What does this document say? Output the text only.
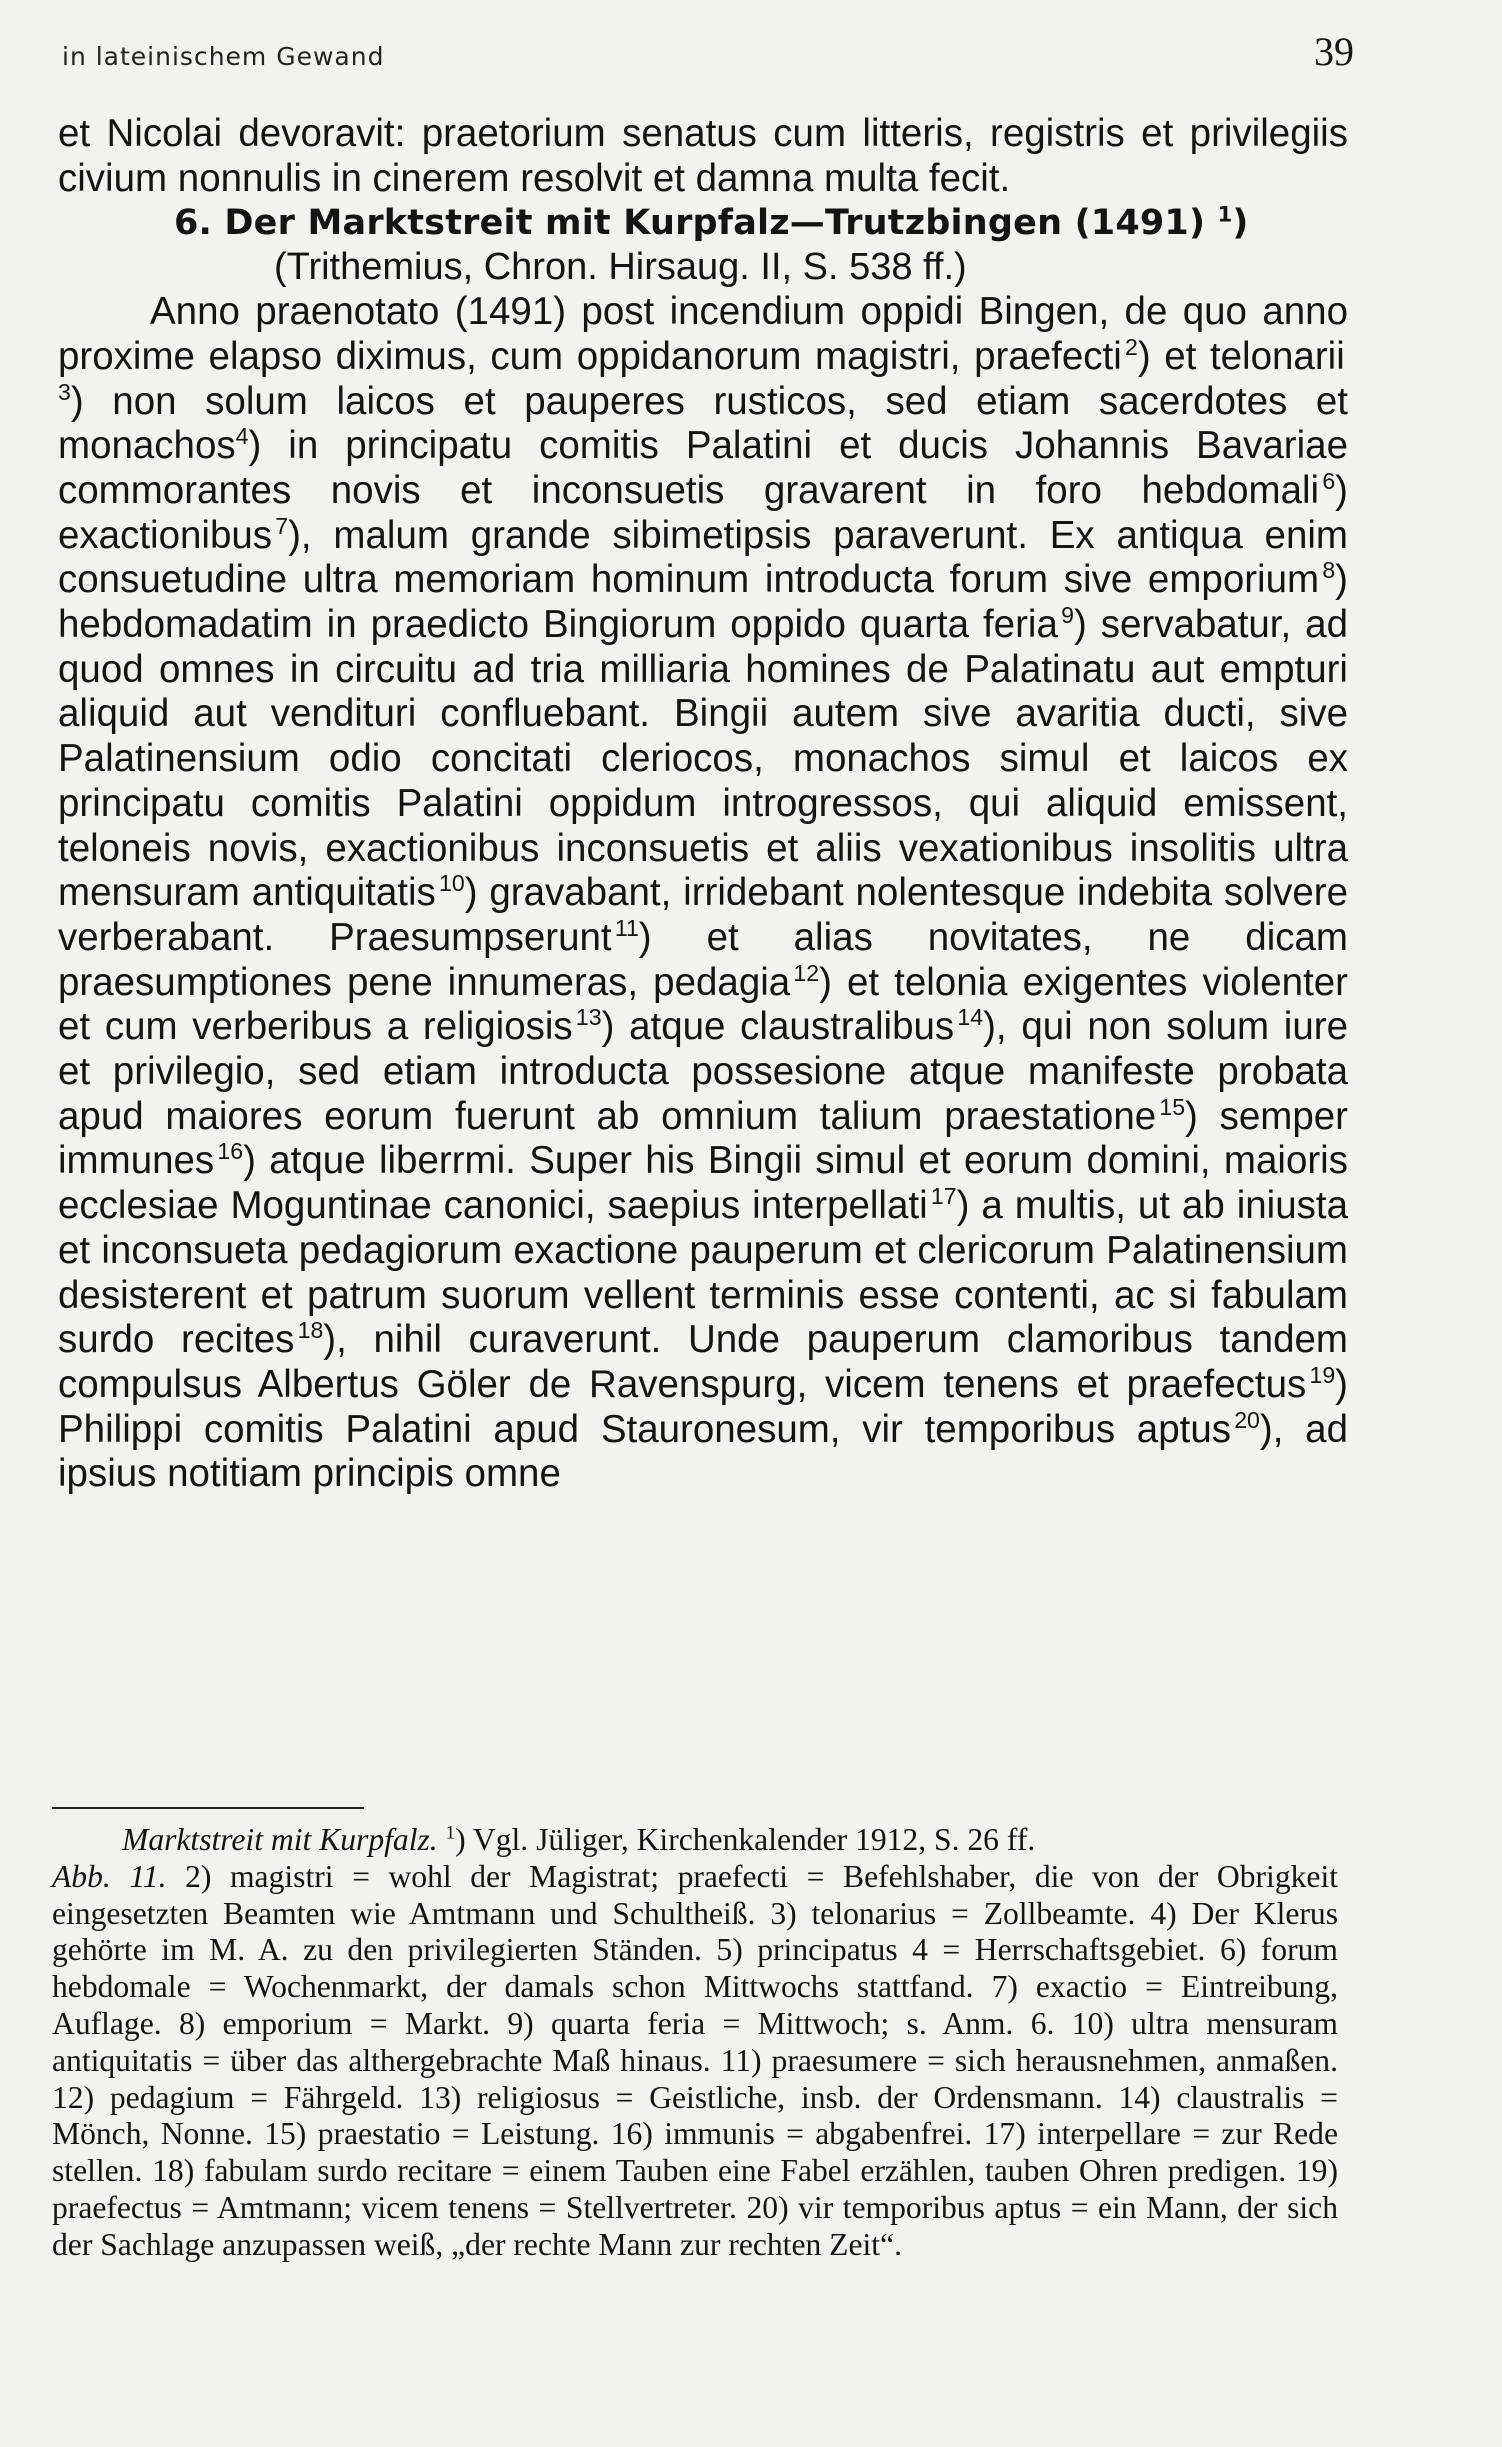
in lateinischem Gewand	39

et Nicolai devoravit: praetorium senatus cum litteris, registris et privilegiis civium nonnulis in cinerem resolvit et damna multa fecit.

6. Der Marktstreit mit Kurpfalz—Trutzbingen (1491) $^1$)

(Trithemius, Chron. Hirsaug. II, S. 538 ff.)

Anno praenotato (1491) post incendium oppidi Bingen, de quo anno proxime elapso diximus, cum oppidanorum magistri, praefecti  $^2$) et telonarii $^3$) non solum laicos et pauperes rusticos, sed etiam sacerdotes et monachos$^4$) in principatu comitis Palatini et ducis Johannis Bavariae commorantes novis et inconsuetis gravarent in foro hebdomali  $^6$) exactionibus  $^7$), malum grande sibimetipsis paraverunt. Ex antiqua enim consuetudine ultra memoriam hominum introducta forum sive emporium  $^8$) hebdomadatim in praedicto Bingiorum oppido quarta feria  $^9$) servabatur, ad quod omnes in circuitu ad tria milliaria homines de Palatinatu aut empturi aliquid aut vendituri confluebant. Bingii autem sive avaritia ducti, sive Palatinensium odio concitati cleriocos, monachos simul et laicos ex principatu comitis Palatini oppidum introgressos, qui aliquid emissent, teloneis novis, exactionibus inconsuetis et aliis vexationibus insolitis ultra mensuram antiquitatis  $^{10}$) gravabant, irridebant nolentesque indebita solvere verberabant. Praesumpserunt  $^{11}$) et alias novitates, ne dicam praesumptiones pene innumeras, pedagia  $^{12}$) et telonia exigentes violenter et cum verberibus a religiosis  $^{13}$) atque claustralibus  $^{14}$), qui non solum iure et privilegio, sed etiam introducta possesione atque manifeste probata apud maiores eorum fuerunt ab omnium talium praestatione  $^{15}$) semper immunes  $^{16}$) atque liberrmi. Super his Bingii simul et eorum domini, maioris ecclesiae Moguntinae canonici, saepius interpellati  $^{17}$) a multis, ut ab iniusta et inconsueta pedagiorum exactione pauperum et clericorum Palatinensium desisterent et patrum suorum vellent terminis esse contenti, ac si fabulam surdo recites  $^{18}$), nihil curaverunt. Unde pauperum clamoribus tandem compulsus Albertus Göler de Ravenspurg, vicem tenens et praefectus  $^{19}$) Philippi comitis Palatini apud Stauronesum, vir temporibus aptus  $^{20}$), ad ipsius notitiam principis omne

Marktstreit mit Kurpfalz. $^1$) Vgl. Jüliger, Kirchenkalender 1912, S. 26 ff.
Abb. 11. 2) magistri = wohl der Magistrat; praefecti = Befehlshaber, die von der Obrigkeit eingesetzten Beamten wie Amtmann und Schultheiß. 3) telonarius = Zollbeamte. 4) Der Klerus gehörte im M. A. zu den privilegierten Ständen. 5) principatus 4 = Herrschaftsgebiet. 6) forum hebdomale = Wochenmarkt, der damals schon Mittwochs stattfand. 7) exactio = Eintreibung, Auflage. 8) emporium = Markt. 9) quarta feria = Mittwoch; s. Anm. 6. 10) ultra mensuram antiquitatis = über das althergebrachte Maß hinaus. 11) praesumere = sich herausnehmen, anmaßen. 12) pedagium = Fährgeld. 13) religiosus = Geistliche, insb. der Ordensmann. 14) claustralis = Mönch, Nonne. 15) praestatio = Leistung. 16) immunis = abgabenfrei. 17) interpellare = zur Rede stellen. 18) fabulam surdo recitare = einem Tauben eine Fabel erzählen, tauben Ohren predigen. 19) praefectus = Amtmann; vicem tenens = Stellvertreter. 20) vir temporibus aptus = ein Mann, der sich der Sachlage anzupassen weiß, „der rechte Mann zur rechten Zeit“.
